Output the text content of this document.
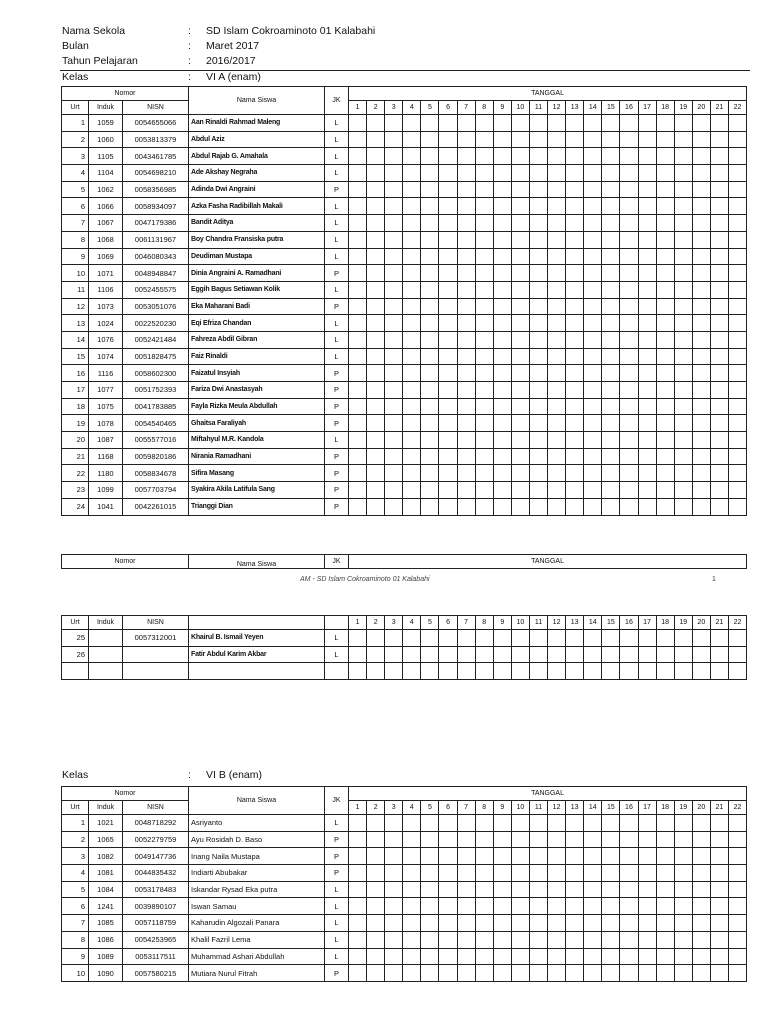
Nama Sekola	: SD Islam Cokroaminoto 01 Kalabahi
Bulan	: Maret 2017
Tahun Pelajaran	: 2016/2017
Kelas	: VI A (enam)
Nomor			Nama Siswa	JK	TANGGAL																					
Urt	Induk	NISN			1	2	3	4	5	6	7	8	9	10	11	12	13	14	15	16	17	18	19	20	21	22
1	1059	0054655066	Aan Rinaldi Rahmad Maleng	L																						
2	1060	0053813379	Abdul Aziz	L																						
3	1105	0043461785	Abdul Rajab G. Amahala	L																						
4	1104	0054698210	Ade Akshay Negraha	L																						
5	1062	0058356985	Adinda Dwi Angraini	P																						
6	1066	0058934097	Azka Fasha Radibillah Makali	L																						
7	1067	0047179386	Bandit Aditya	L																						
8	1068	0061131967	Boy Chandra Fransiska putra	L																						
9	1069	0046080343	Deudiman Mustapa	L																						
10	1071	0048948847	Dinia Angraini A. Ramadhani	P																						
11	1106	0052455575	Eggih Bagus Setiawan Kolik	L																						
12	1073	0053051076	Eka Maharani Badi	P																						
13	1024	0022520230	Eqi Efriza Chandan	L																						
14	1076	0052421484	Fahreza Abdil Gibran	L																						
15	1074	0051828475	Faiz Rinaldi	L																						
16	1116	0058602300	Faizatul Insyiah	P																						
17	1077	0051752393	Fariza Dwi Anastasyah	P																						
18	1075	0041783885	Fayla Rizka Meula Abdullah	P																						
19	1078	0054540465	Ghaitsa Faraliyah	P																						
20	1087	0055577016	Miftahyul M.R. Kandola	L																						
21	1168	0059820186	Nirania Ramadhani	P																						
22	1180	0058834678	Sifira Masang	P																						
23	1099	0057703794	Syakira Akila Latifula Sang	P																						
24	1041	0042261015	Trianggi Dian	P																						
Nomor			Nama Siswa	JK	TANGGAL																					

Urt	Induk	NISN			1	2	3	4	5	6	7	8	9	10	11	12	13	14	15	16	17	18	19	20	21	22
25		0057312001	Khairul B. Ismail Yeyen	L																						
26			Fatir Abdul Karim Akbar	L																						

AM - SD Islam Cokroaminoto 01 Kalabahi	1
Kelas	: VI B (enam)
Nomor			Nama Siswa	JK	TANGGAL																					
Urt	Induk	NISN			1	2	3	4	5	6	7	8	9	10	11	12	13	14	15	16	17	18	19	20	21	22
1	1021	0048718292	Asriyanto	L																						
2	1065	0052279759	Ayu Rosidah D. Baso	P																						
3	1082	0049147736	Inang Naila Mustapa	P																						
4	1081	0044835432	Indiarti Abubakar	P																						
5	1084	0053178483	Iskandar Rysad Eka putra	L																						
6	1241	0039890107	Iswan Samau	L																						
7	1085	0057118759	Kaharudin Algozali Panara	L																						
8	1086	0054253965	Khalil Fazril Lema	L																						
9	1089	0053117511	Muhammad Ashari Abdullah	L																						
10	1090	0057580215	Mutiara Nurul Fitrah	P																						
